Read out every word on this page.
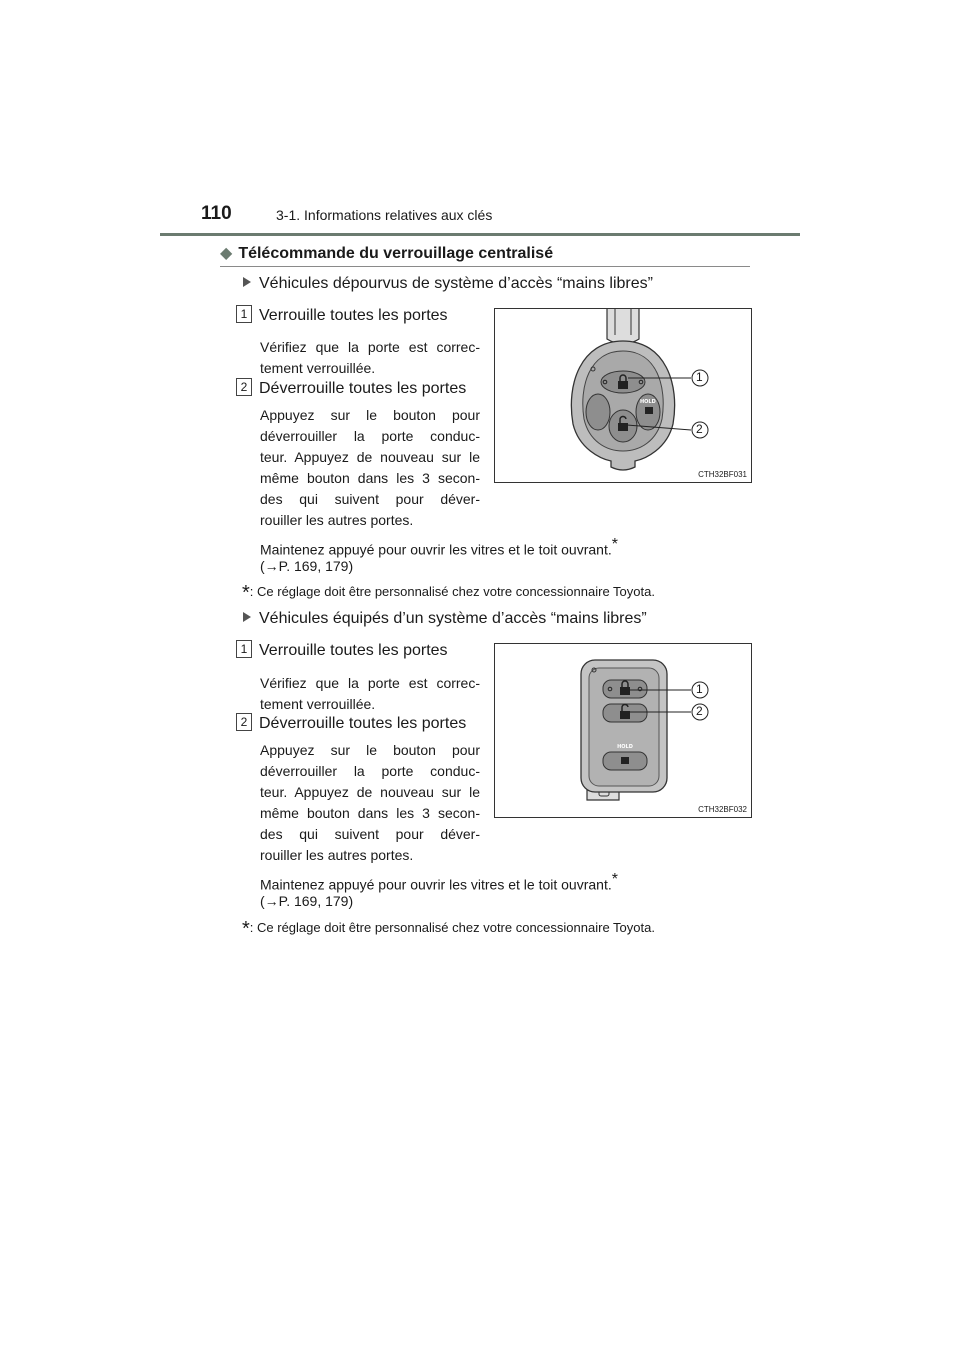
110	3-1. Informations relatives aux clés
◆ Télécommande du verrouillage centralisé
Véhicules dépourvus de système d’accès “mains libres”
1 Verrouille toutes les portes
Vérifiez que la porte est correc-
tement verrouillée.
2 Déverrouille toutes les portes
Appuyez sur le bouton pour
déverrouiller la porte conduc-
teur. Appuyez de nouveau sur le
même bouton dans les 3 secon-
des qui suivent pour déver-
rouiller les autres portes.
Maintenez appuyé pour ouvrir les vitres et le toit ouvrant.*
(→P. 169, 179)
*: Ce réglage doit être personnalisé chez votre concessionnaire Toyota.
HOLD
1
2
CTH32BF031
Véhicules équipés d’un système d’accès “mains libres”
1 Verrouille toutes les portes
Vérifiez que la porte est correc-
tement verrouillée.
2 Déverrouille toutes les portes
Appuyez sur le bouton pour
déverrouiller la porte conduc-
teur. Appuyez de nouveau sur le
même bouton dans les 3 secon-
des qui suivent pour déver-
rouiller les autres portes.
Maintenez appuyé pour ouvrir les vitres et le toit ouvrant.*
(→P. 169, 179)
*: Ce réglage doit être personnalisé chez votre concessionnaire Toyota.
HOLD
1
2
CTH32BF032
